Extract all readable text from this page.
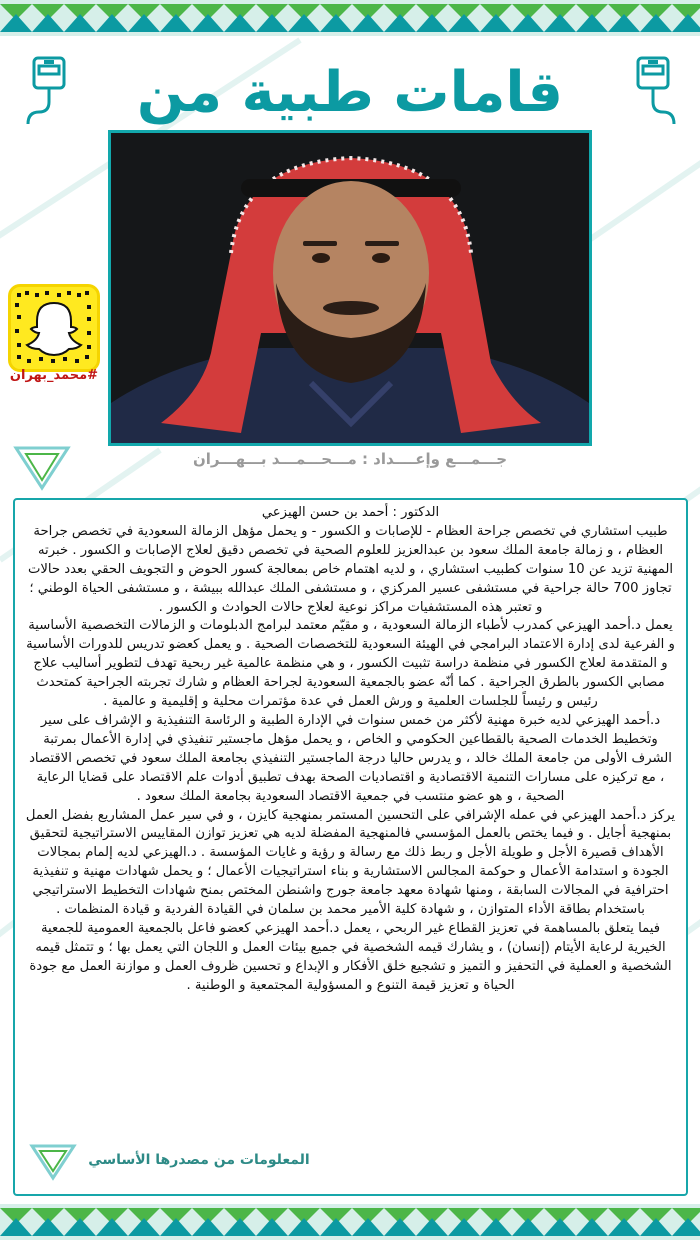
قامات طبية من
#محمد_بهران
جـــمـــع وإعــــداد : مـــحـــمـــد بـــهـــران

الدكتور : أحمد بن حسن الهيزعي

طبيب استشاري في تخصص جراحة العظام - للإصابات و الكسور - و يحمل مؤهل الزمالة السعودية في تخصص جراحة العظام ، و زمالة جامعة الملك سعود بن عبدالعزيز للعلوم الصحية في تخصص دقيق لعلاج الإصابات و الكسور . خبرته المهنية تزيد عن 10 سنوات كطبيب استشاري ، و لديه اهتمام خاص بمعالجة كسور الحوض و التجويف الحقي بعدد حالات تجاوز 700 حالة جراحية في مستشفى عسير المركزي ، و مستشفى الملك عبدالله ببيشة ، و مستشفى الحياة الوطني ؛ و تعتبر هذه المستشفيات مراكز نوعية لعلاج حالات الحوادث و الكسور .

يعمل د.أحمد الهيزعي كمدرب لأطباء الزمالة السعودية ، و مقيّم معتمد لبرامج الدبلومات و الزمالات التخصصية الأساسية و الفرعية لدى إدارة الاعتماد البرامجي في الهيئة السعودية للتخصصات الصحية . و يعمل كعضو تدريس للدورات الأساسية و المتقدمة لعلاج الكسور في منظمة دراسة تثبيت الكسور ، و هي منظمة عالمية غير ربحية تهدف لتطوير أساليب علاج مصابي الكسور بالطرق الجراحية . كما أنّه عضو بالجمعية السعودية لجراحة العظام و شارك تجربته الجراحية كمتحدث رئيس و رئيساً للجلسات العلمية و ورش العمل في عدة مؤتمرات محلية و إقليمية و عالمية .

د.أحمد الهيزعي لديه خبرة مهنية لأكثر من خمس سنوات في الإدارة الطبية و الرئاسة التنفيذية و الإشراف على سير وتخطيط الخدمات الصحية بالقطاعين الحكومي و الخاص ، و يحمل مؤهل ماجستير تنفيذي في إدارة الأعمال بمرتبة الشرف الأولى من جامعة الملك خالد ، و يدرس حاليا درجة الماجستير التنفيذي بجامعة الملك سعود في تخصص الاقتصاد ، مع تركيزه على مسارات التنمية الاقتصادية و اقتصاديات الصحة بهدف تطبيق أدوات علم الاقتصاد على قضايا الرعاية الصحية ، و هو عضو منتسب في جمعية الاقتصاد السعودية بجامعة الملك سعود .

يركز د.أحمد الهيزعي في عمله الإشرافي على التحسين المستمر بمنهجية كايزن ، و في سير عمل المشاريع بفضل العمل بمنهجية أجايل . و فيما يختص بالعمل المؤسسي فالمنهجية المفضلة لديه هي تعزيز توازن المقاييس الاستراتيجية لتحقيق الأهداف قصيرة الأجل و طويلة الأجل و ربط ذلك مع رسالة و رؤية و غايات المؤسسة . د.الهيزعي لديه إلمام بمجالات الجودة و استدامة الأعمال و حوكمة المجالس الاستشارية و بناء استراتيجيات الأعمال ؛ و يحمل شهادات مهنية و تنفيذية احترافية في المجالات السابقة ، ومنها شهادة معهد جامعة جورج واشنطن المختص بمنح شهادات التخطيط الاستراتيجي باستخدام بطاقة الأداء المتوازن ، و شهادة كلية الأمير محمد بن سلمان في القيادة الفردية و قيادة المنظمات .

فيما يتعلق بالمساهمة في تعزيز القطاع غير الربحي ، يعمل د.أحمد الهيزعي كعضو فاعل بالجمعية العمومية للجمعية الخيرية لرعاية الأيتام (إنسان) ، و يشارك قيمه الشخصية في جميع بيئات العمل و اللجان التي يعمل بها ؛ و تتمثل قيمه الشخصية و العملية في التحفيز و التميز و تشجيع خلق الأفكار و الإبداع و تحسين ظروف العمل و موازنة العمل مع جودة الحياة و تعزيز قيمة التنوع و المسؤولية المجتمعية و الوطنية .

المعلومات من مصدرها الأساسي
